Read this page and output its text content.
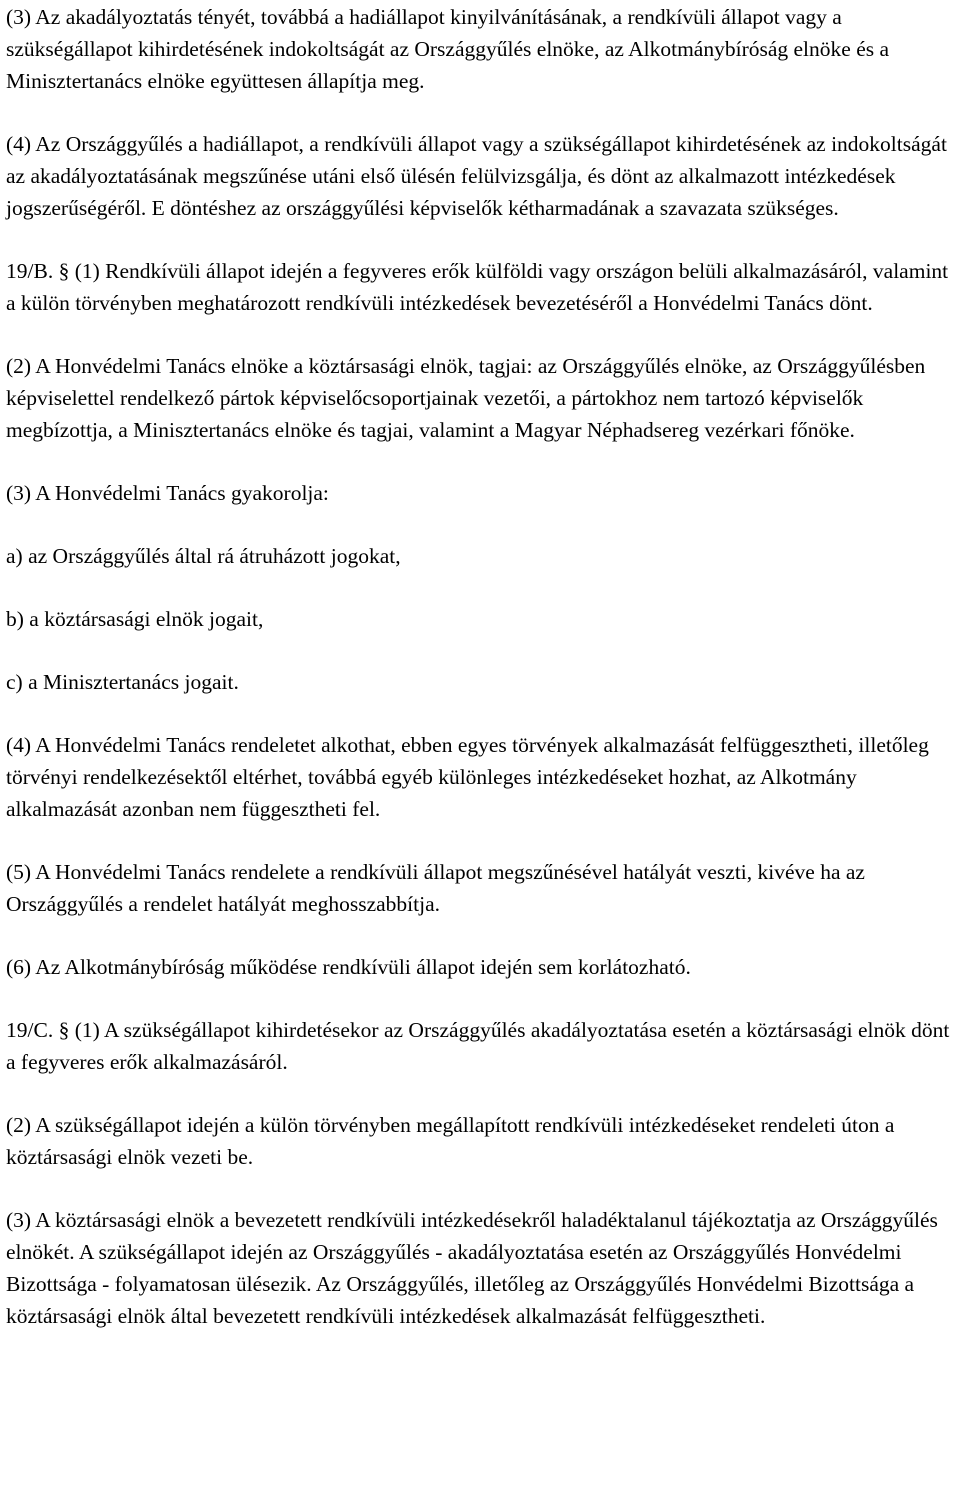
(3) Az akadályoztatás tényét, továbbá a hadiállapot kinyilvánításának, a rendkívüli állapot vagy a szükségállapot kihirdetésének indokoltságát az Országgyűlés elnöke, az Alkotmánybíróság elnöke és a Minisztertanács elnöke együttesen állapítja meg.

(4) Az Országgyűlés a hadiállapot, a rendkívüli állapot vagy a szükségállapot kihirdetésének az indokoltságát az akadályoztatásának megszűnése utáni első ülésén felülvizsgálja, és dönt az alkalmazott intézkedések jogszerűségéről. E döntéshez az országgyűlési képviselők kétharmadának a szavazata szükséges.

19/B. § (1) Rendkívüli állapot idején a fegyveres erők külföldi vagy országon belüli alkalmazásáról, valamint a külön törvényben meghatározott rendkívüli intézkedések bevezetéséről a Honvédelmi Tanács dönt.

(2) A Honvédelmi Tanács elnöke a köztársasági elnök, tagjai: az Országgyűlés elnöke, az Országgyűlésben képviselettel rendelkező pártok képviselőcsoportjainak vezetői, a pártokhoz nem tartozó képviselők megbízottja, a Minisztertanács elnöke és tagjai, valamint a Magyar Néphadsereg vezérkari főnöke.

(3) A Honvédelmi Tanács gyakorolja:

a) az Országgyűlés által rá átruházott jogokat,

b) a köztársasági elnök jogait,

c) a Minisztertanács jogait.

(4) A Honvédelmi Tanács rendeletet alkothat, ebben egyes törvények alkalmazását felfüggesztheti, illetőleg törvényi rendelkezésektől eltérhet, továbbá egyéb különleges intézkedéseket hozhat, az Alkotmány alkalmazását azonban nem függesztheti fel.

(5) A Honvédelmi Tanács rendelete a rendkívüli állapot megszűnésével hatályát veszti, kivéve ha az Országgyűlés a rendelet hatályát meghosszabbítja.

(6) Az Alkotmánybíróság működése rendkívüli állapot idején sem korlátozható.

19/C. § (1) A szükségállapot kihirdetésekor az Országgyűlés akadályoztatása esetén a köztársasági elnök dönt a fegyveres erők alkalmazásáról.

(2) A szükségállapot idején a külön törvényben megállapított rendkívüli intézkedéseket rendeleti úton a köztársasági elnök vezeti be.

(3) A köztársasági elnök a bevezetett rendkívüli intézkedésekről haladéktalanul tájékoztatja az Országgyűlés elnökét. A szükségállapot idején az Országgyűlés - akadályoztatása esetén az Országgyűlés Honvédelmi Bizottsága - folyamatosan ülésezik. Az Országgyűlés, illetőleg az Országgyűlés Honvédelmi Bizottsága a köztársasági elnök által bevezetett rendkívüli intézkedések alkalmazását felfüggesztheti.
